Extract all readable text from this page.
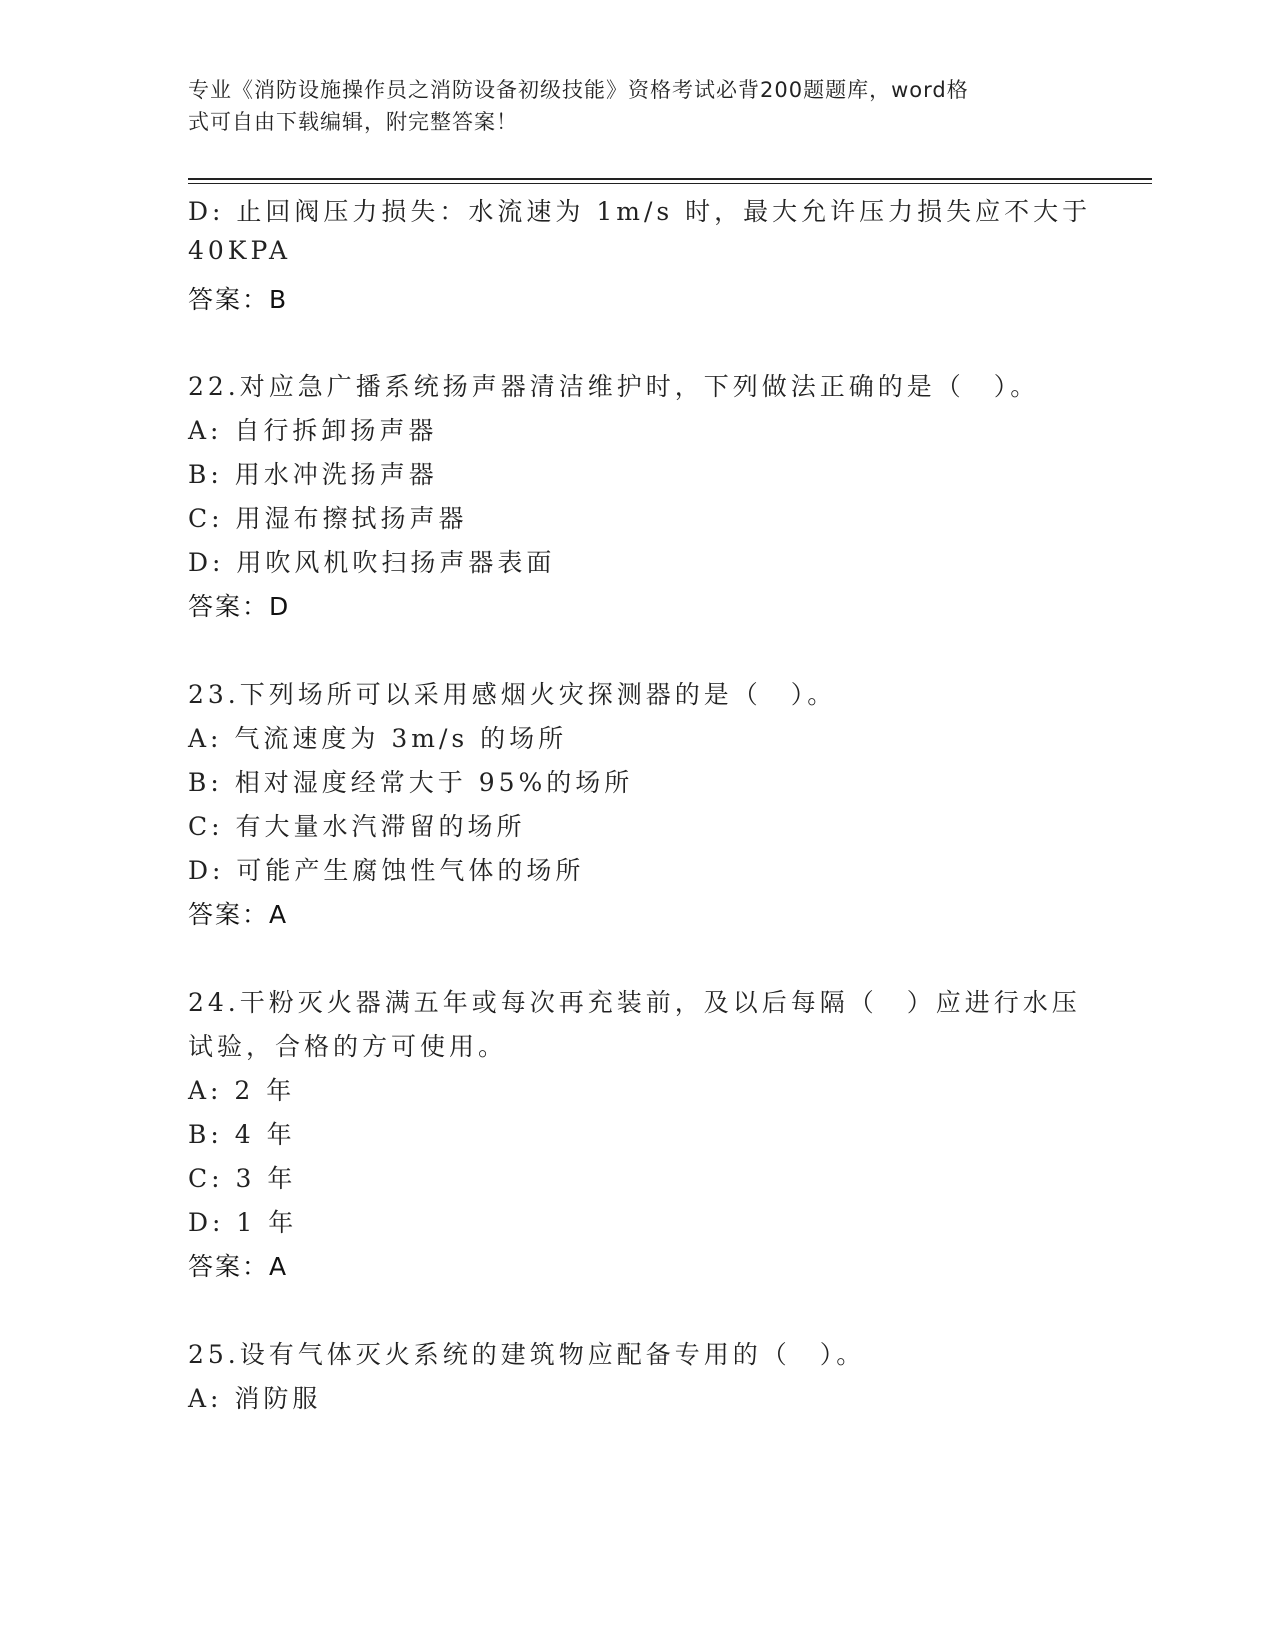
专业《消防设施操作员之消防设备初级技能》资格考试必背200题题库，word格
式可自由下载编辑，附完整答案！
D: 止回阀压力损失：水流速为 1m/s 时，最大允许压力损失应不大于
40KPA
答案：B
22.对应急广播系统扬声器清洁维护时，下列做法正确的是（　）。
A: 自行拆卸扬声器
B: 用水冲洗扬声器
C: 用湿布擦拭扬声器
D: 用吹风机吹扫扬声器表面
答案：D
23.下列场所可以采用感烟火灾探测器的是（　）。
A: 气流速度为 3m/s 的场所
B: 相对湿度经常大于 95%的场所
C: 有大量水汽滞留的场所
D: 可能产生腐蚀性气体的场所
答案：A
24.干粉灭火器满五年或每次再充装前，及以后每隔（　）应进行水压
试验，合格的方可使用。
A: 2 年
B: 4 年
C: 3 年
D: 1 年
答案：A
25.设有气体灭火系统的建筑物应配备专用的（　）。
A: 消防服
